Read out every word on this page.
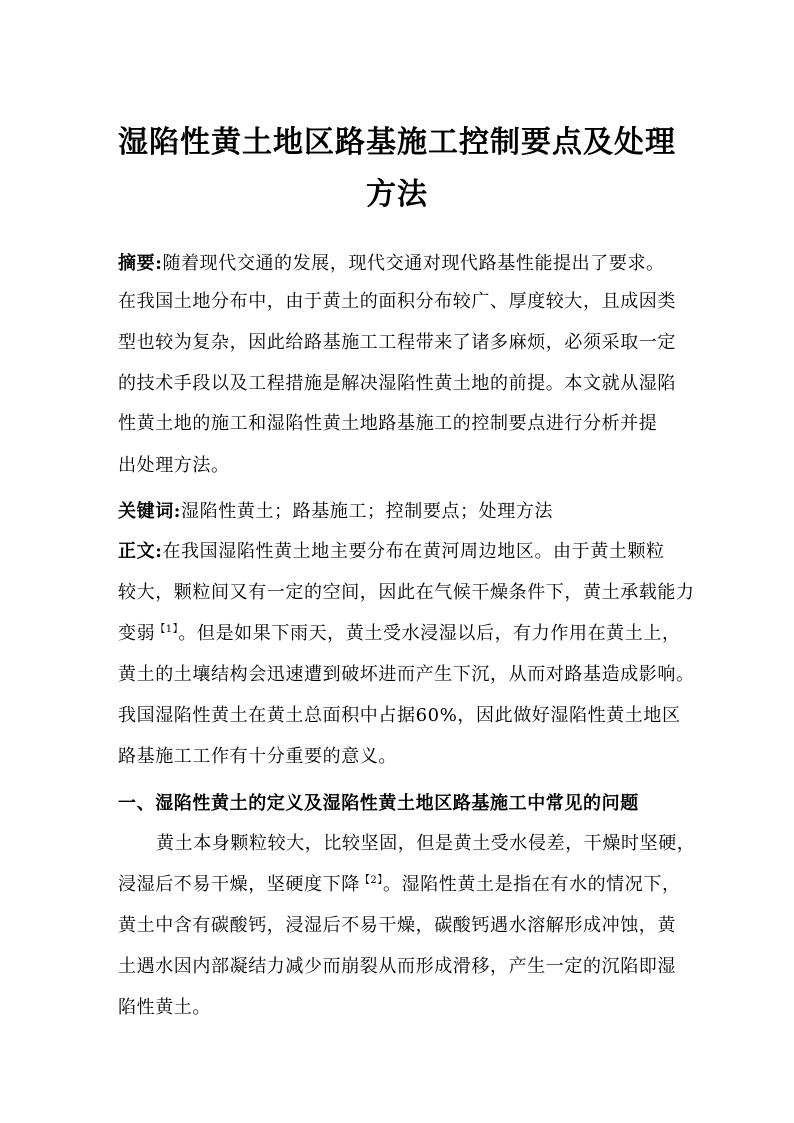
湿陷性黄土地区路基施工控制要点及处理
方法
摘要:随着现代交通的发展，现代交通对现代路基性能提出了要求。
在我国土地分布中，由于黄土的面积分布较广、厚度较大，且成因类
型也较为复杂，因此给路基施工工程带来了诸多麻烦，必须采取一定
的技术手段以及工程措施是解决湿陷性黄土地的前提。本文就从湿陷
性黄土地的施工和湿陷性黄土地路基施工的控制要点进行分析并提
出处理方法。
关键词:湿陷性黄土；路基施工；控制要点；处理方法
正文:在我国湿陷性黄土地主要分布在黄河周边地区。由于黄土颗粒
较大，颗粒间又有一定的空间，因此在气候干燥条件下，黄土承载能力
变弱$^{【1】}$。但是如果下雨天，黄土受水浸湿以后，有力作用在黄土上，
黄土的土壤结构会迅速遭到破坏进而产生下沉，从而对路基造成影响。
我国湿陷性黄土在黄土总面积中占据60%，因此做好湿陷性黄土地区
路基施工工作有十分重要的意义。
一、湿陷性黄土的定义及湿陷性黄土地区路基施工中常见的问题
黄土本身颗粒较大，比较坚固，但是黄土受水侵差，干燥时坚硬，
浸湿后不易干燥，坚硬度下降$^{【2】}$。湿陷性黄土是指在有水的情况下，
黄土中含有碳酸钙，浸湿后不易干燥，碳酸钙遇水溶解形成冲蚀，黄
土遇水因内部凝结力减少而崩裂从而形成滑移，产生一定的沉陷即湿
陷性黄土。
